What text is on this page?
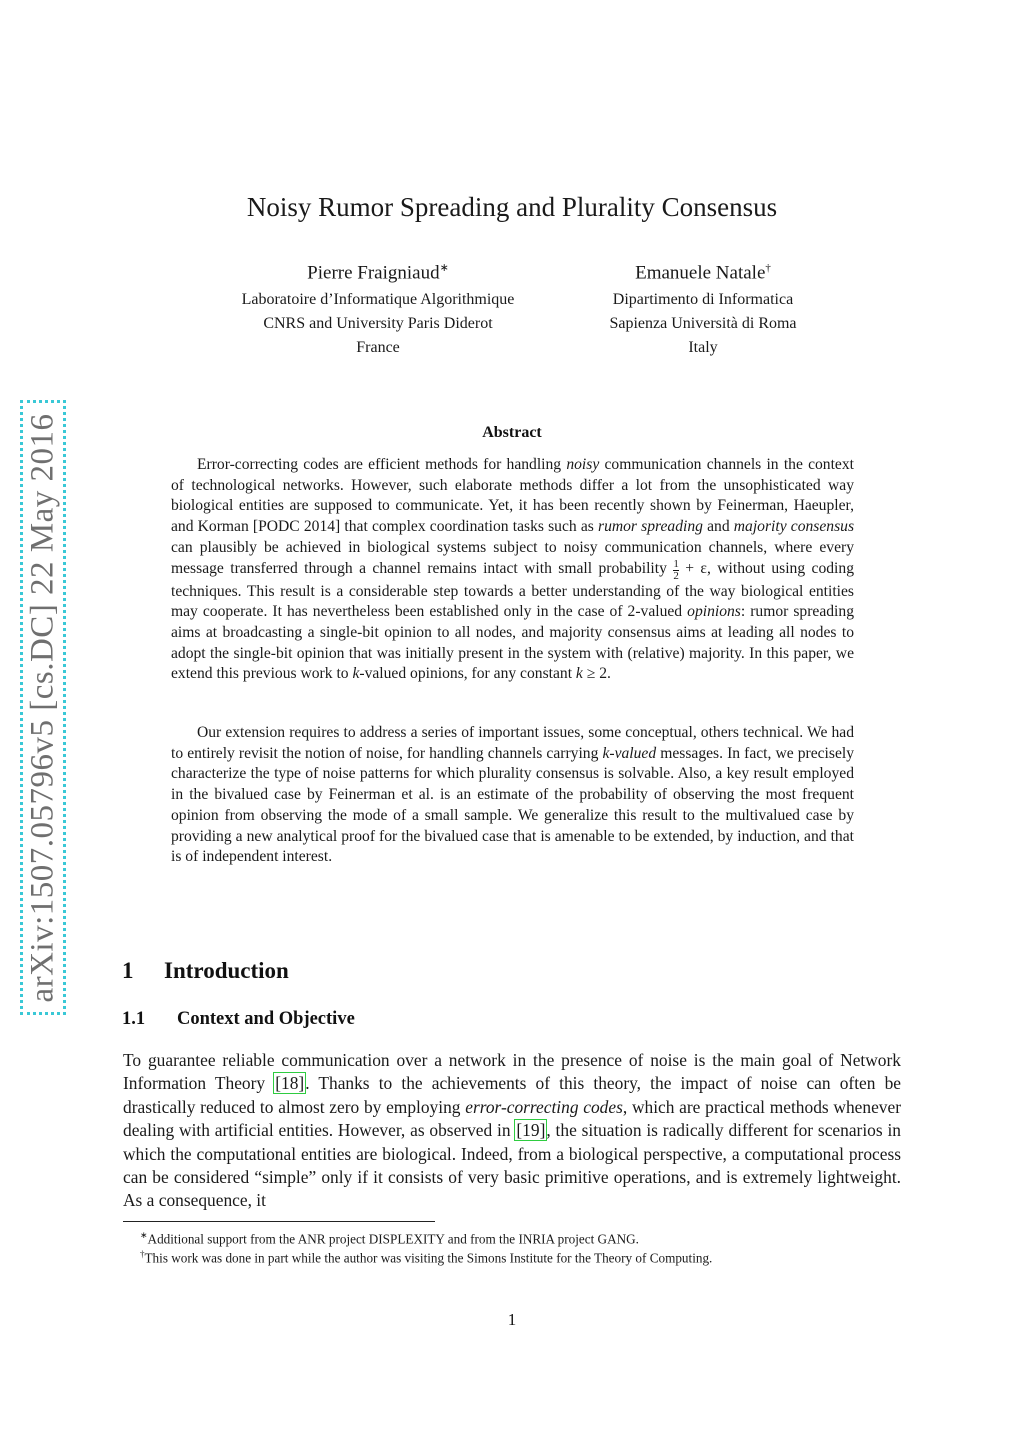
arXiv:1507.05796v5 [cs.DC] 22 May 2016
Noisy Rumor Spreading and Plurality Consensus
Pierre Fraigniaud∗
Laboratoire d’Informatique Algorithmique
CNRS and University Paris Diderot
France
Emanuele Natale†
Dipartimento di Informatica
Sapienza Università di Roma
Italy
Abstract
Error-correcting codes are efficient methods for handling noisy communication channels in the context of technological networks. However, such elaborate methods differ a lot from the unsophisticated way biological entities are supposed to communicate. Yet, it has been recently shown by Feinerman, Haeupler, and Korman [PODC 2014] that complex coordination tasks such as rumor spreading and majority consensus can plausibly be achieved in biological systems subject to noisy communication channels, where every message transferred through a channel remains intact with small probability $\frac{1}{2} + \varepsilon$, without using coding techniques. This result is a considerable step towards a better understanding of the way biological entities may cooperate. It has nevertheless been established only in the case of 2-valued opinions: rumor spreading aims at broadcasting a single-bit opinion to all nodes, and majority consensus aims at leading all nodes to adopt the single-bit opinion that was initially present in the system with (relative) majority. In this paper, we extend this previous work to k-valued opinions, for any constant k ≥ 2.
Our extension requires to address a series of important issues, some conceptual, others technical. We had to entirely revisit the notion of noise, for handling channels carrying k-valued messages. In fact, we precisely characterize the type of noise patterns for which plurality consensus is solvable. Also, a key result employed in the bivalued case by Feinerman et al. is an estimate of the probability of observing the most frequent opinion from observing the mode of a small sample. We generalize this result to the multivalued case by providing a new analytical proof for the bivalued case that is amenable to be extended, by induction, and that is of independent interest.
1 Introduction
1.1 Context and Objective
To guarantee reliable communication over a network in the presence of noise is the main goal of Network Information Theory [18]. Thanks to the achievements of this theory, the impact of noise can often be drastically reduced to almost zero by employing error-correcting codes, which are practical methods whenever dealing with artificial entities. However, as observed in [19], the situation is radically different for scenarios in which the computational entities are biological. Indeed, from a biological perspective, a computational process can be considered “simple” only if it consists of very basic primitive operations, and is extremely lightweight. As a consequence, it
∗Additional support from the ANR project DISPLEXITY and from the INRIA project GANG.
†This work was done in part while the author was visiting the Simons Institute for the Theory of Computing.
1
